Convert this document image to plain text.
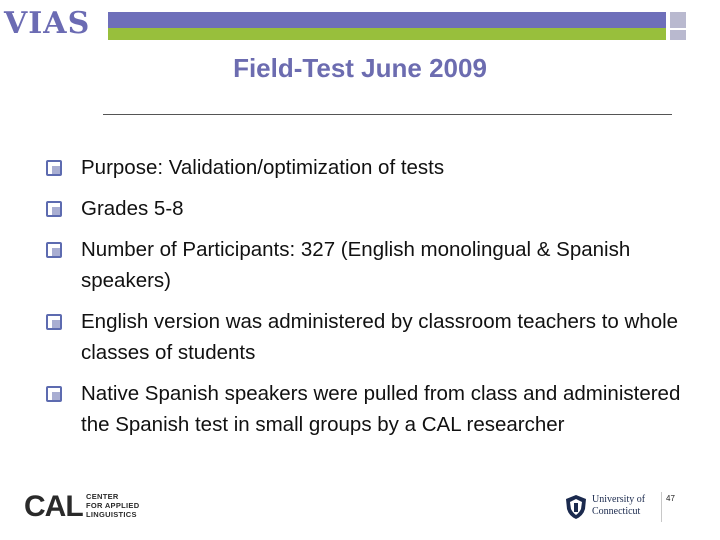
VIAS
Field-Test June 2009
Purpose: Validation/optimization of tests
Grades 5-8
Number of Participants: 327 (English monolingual & Spanish speakers)
English version was administered by classroom teachers to whole classes of students
Native Spanish speakers were pulled from class and administered the Spanish test in small groups by a CAL researcher
CAL CENTER
FOR APPLIED
LINGUISTICS
University of
Connecticut
47
